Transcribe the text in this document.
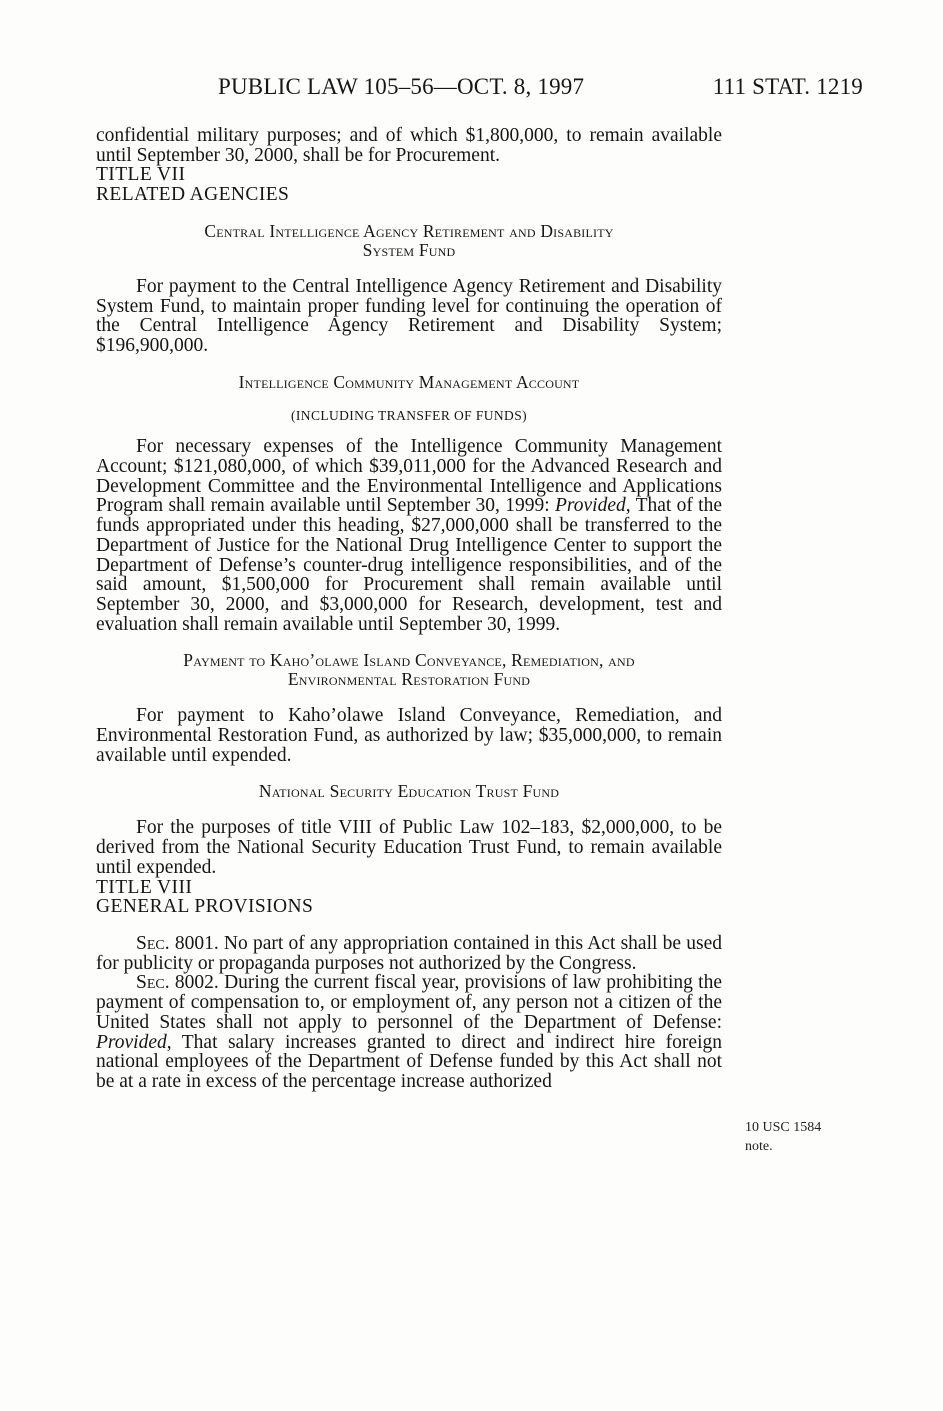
PUBLIC LAW 105–56—OCT. 8, 1997	111 STAT. 1219

confidential military purposes; and of which $1,800,000, to remain available until September 30, 2000, shall be for Procurement.

TITLE VII

RELATED AGENCIES

Central Intelligence Agency Retirement and Disability
System Fund

For payment to the Central Intelligence Agency Retirement and Disability System Fund, to maintain proper funding level for continuing the operation of the Central Intelligence Agency Retirement and Disability System; $196,900,000.

Intelligence Community Management Account
(INCLUDING TRANSFER OF FUNDS)

For necessary expenses of the Intelligence Community Management Account; $121,080,000, of which $39,011,000 for the Advanced Research and Development Committee and the Environmental Intelligence and Applications Program shall remain available until September 30, 1999: Provided, That of the funds appropriated under this heading, $27,000,000 shall be transferred to the Department of Justice for the National Drug Intelligence Center to support the Department of Defense’s counter-drug intelligence responsibilities, and of the said amount, $1,500,000 for Procurement shall remain available until September 30, 2000, and $3,000,000 for Research, development, test and evaluation shall remain available until September 30, 1999.

Payment to Kaho’olawe Island Conveyance, Remediation, and
Environmental Restoration Fund

For payment to Kaho’olawe Island Conveyance, Remediation, and Environmental Restoration Fund, as authorized by law; $35,000,000, to remain available until expended.

National Security Education Trust Fund

For the purposes of title VIII of Public Law 102–183, $2,000,000, to be derived from the National Security Education Trust Fund, to remain available until expended.

TITLE VIII

GENERAL PROVISIONS

Sec. 8001. No part of any appropriation contained in this Act shall be used for publicity or propaganda purposes not authorized by the Congress.

Sec. 8002. During the current fiscal year, provisions of law prohibiting the payment of compensation to, or employment of, any person not a citizen of the United States shall not apply to personnel of the Department of Defense: Provided, That salary increases granted to direct and indirect hire foreign national employees of the Department of Defense funded by this Act shall not be at a rate in excess of the percentage increase authorized

10 USC 1584
note.
